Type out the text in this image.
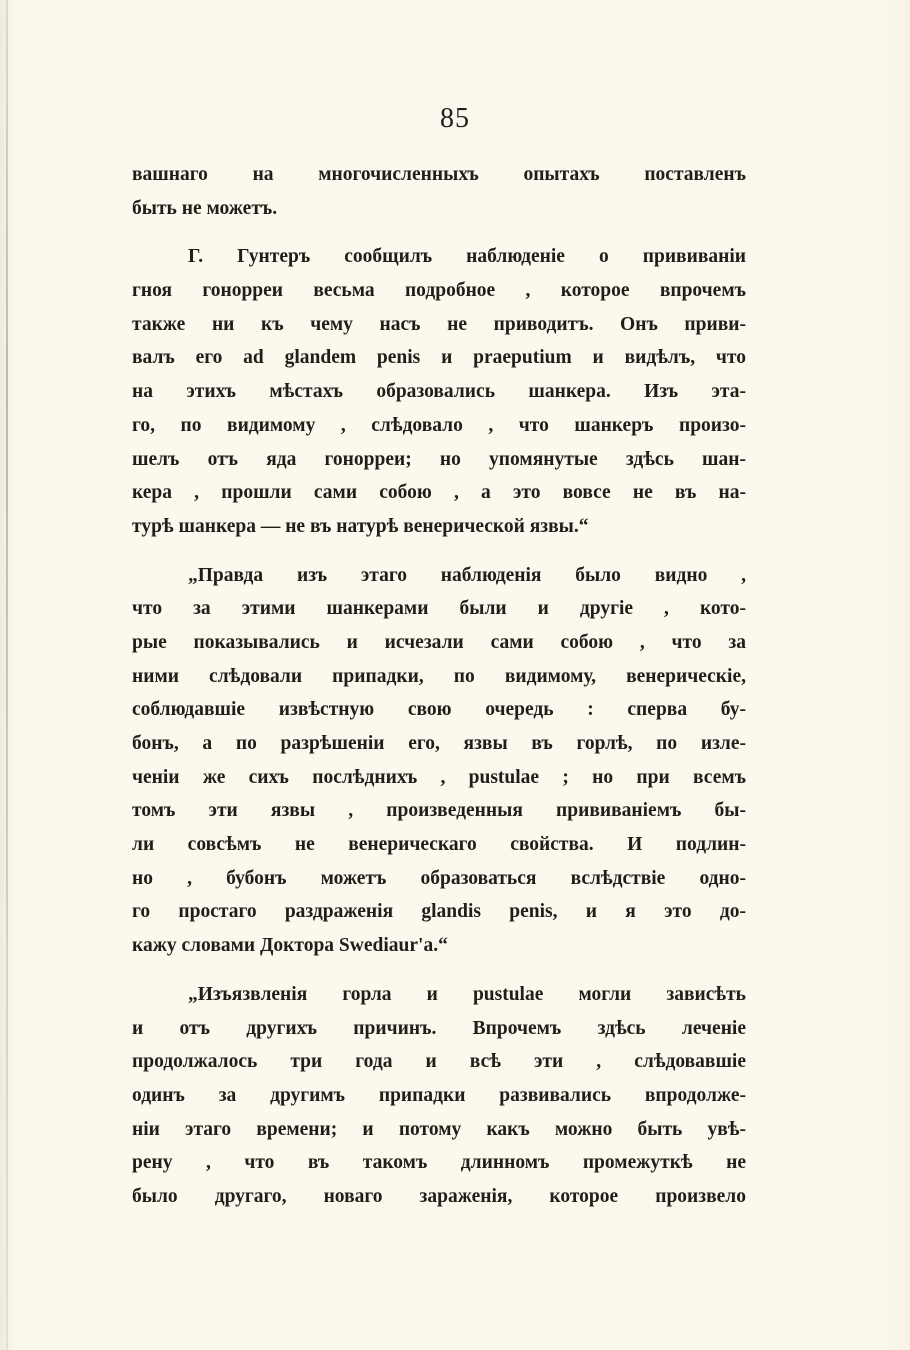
85
вашнаго на многочисленныхъ опытахъ поставленъ
быть не можетъ.
Г. Гунтеръ сообщилъ наблюденіе о прививаніи
гноя гонорреи весьма подробное , которое впрочемъ
также ни къ чему насъ не приводитъ. Онъ приви-
валъ его ad glandem penis и praeputium и видѣлъ, что
на этихъ мѣстахъ образовались шанкера. Изъ эта-
го, по видимому , слѣдовало , что шанкеръ произо-
шелъ отъ яда гонорреи; но упомянутые здѣсь шан-
кера , прошли сами собою , а это вовсе не въ на-
турѣ шанкера — не въ натурѣ венерической язвы.“
„Правда изъ этаго наблюденія было видно ,
что за этими шанкерами были и другіе , кото-
рые показывались и исчезали сами собою , что за
ними слѣдовали припадки, по видимому, венерическіе,
соблюдавшіе извѣстную свою очередь : сперва бу-
бонъ, а по разрѣшеніи его, язвы въ горлѣ, по изле-
ченіи же сихъ послѣднихъ , pustulae ; но при всемъ
томъ эти язвы , произведенныя прививаніемъ бы-
ли совсѣмъ не венерическаго свойства. И подлин-
но , бубонъ можетъ образоваться вслѣдствіе одно-
го простаго раздраженія glandis penis, и я это до-
кажу словами Доктора Swediaur'a.“
„Изъязвленія горла и pustulae могли зависѣть
и отъ другихъ причинъ. Впрочемъ здѣсь леченіе
продолжалось три года и всѣ эти , слѣдовавшіе
одинъ за другимъ припадки развивались впродолже-
ніи этаго времени; и потому какъ можно быть увѣ-
рену , что въ такомъ длинномъ промежуткѣ не
было другаго, новаго зараженія, которое произвело
